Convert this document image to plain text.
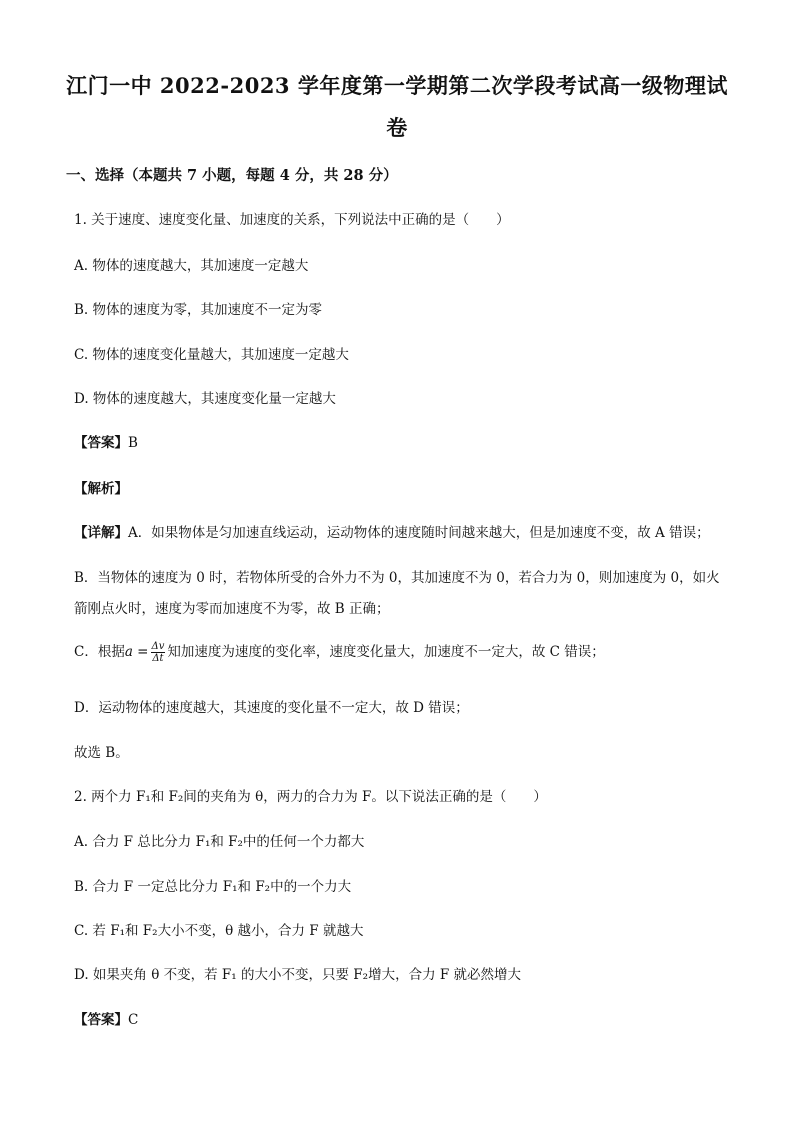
江门一中 2022-2023 学年度第一学期第二次学段考试高一级物理试
卷
一、选择（本题共 7 小题，每题 4 分，共 28 分）
1. 关于速度、速度变化量、加速度的关系，下列说法中正确的是（　　）
A. 物体的速度越大，其加速度一定越大
B. 物体的速度为零，其加速度不一定为零
C. 物体的速度变化量越大，其加速度一定越大
D. 物体的速度越大，其速度变化量一定越大
【答案】B
【解析】
【详解】A．如果物体是匀加速直线运动，运动物体的速度随时间越来越大，但是加速度不变，故 A 错误；
B．当物体的速度为 0 时，若物体所受的合外力不为 0，其加速度不为 0，若合力为 0，则加速度为 0，如火
箭刚点火时，速度为零而加速度不为零，故 B 正确；
C．根据$a = \frac{\Delta v}{\Delta t}$ 知加速度为速度的变化率，速度变化量大，加速度不一定大，故 C 错误；
D．运动物体的速度越大，其速度的变化量不一定大，故 D 错误；
故选 B。
2. 两个力 F₁和 F₂间的夹角为 θ，两力的合力为 F。以下说法正确的是（　　）
A. 合力 F 总比分力 F₁和 F₂中的任何一个力都大
B. 合力 F 一定总比分力 F₁和 F₂中的一个力大
C. 若 F₁和 F₂大小不变，θ 越小，合力 F 就越大
D. 如果夹角 θ 不变，若 F₁ 的大小不变，只要 F₂增大，合力 F 就必然增大
【答案】C
